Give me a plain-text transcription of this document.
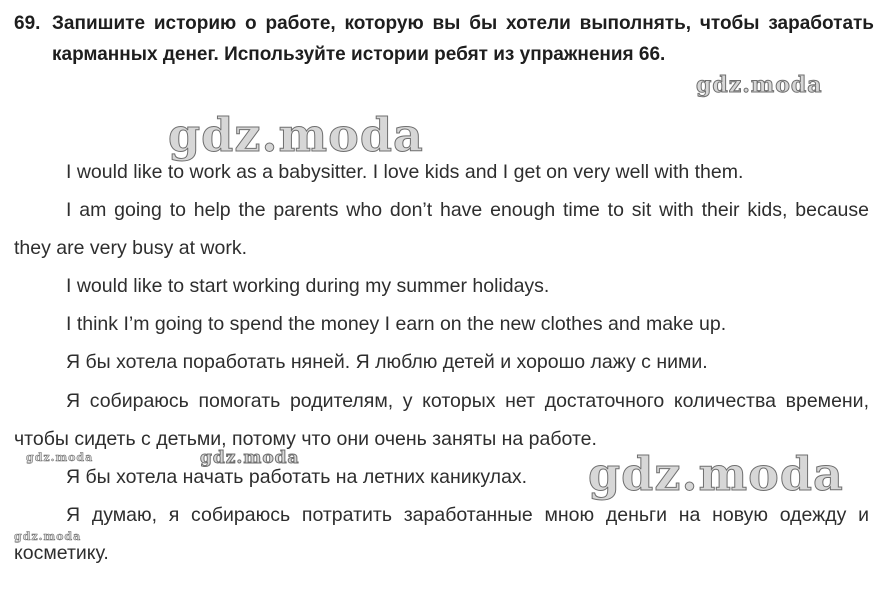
69. Запишите историю о работе, которую вы бы хотели выполнять, чтобы заработать карманных денег. Используйте истории ребят из упражнения 66.
I would like to work as a babysitter. I love kids and I get on very well with them.
I am going to help the parents who don’t have enough time to sit with their kids, because they are very busy at work.
I would like to start working during my summer holidays.
I think I’m going to spend the money I earn on the new clothes and make up.
Я бы хотела поработать няней. Я люблю детей и хорошо лажу с ними.
Я собираюсь помогать родителям, у которых нет достаточного количества времени, чтобы сидеть с детьми, потому что они очень заняты на работе.
Я бы хотела начать работать на летних каникулах.
Я думаю, я собираюсь потратить заработанные мною деньги на новую одежду и косметику.
gdz.moda
gdz.moda
gdz.moda
gdz.moda
gdz.moda
gdz.moda
